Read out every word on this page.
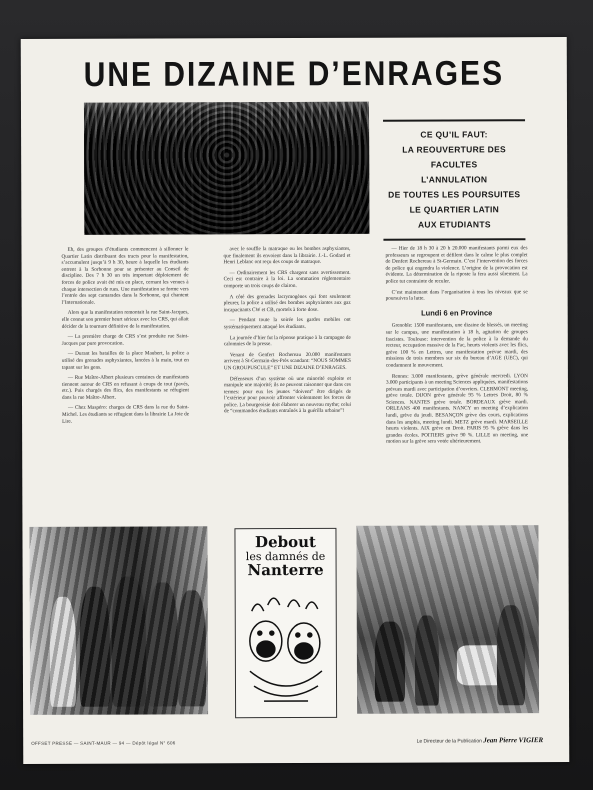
UNE DIZAINE D’ENRAGES
CE QU’IL FAUT:
LA REOUVERTURE DES FACULTES
L’ANNULATION
DE TOUTES LES POURSUITES
LE QUARTIER LATIN
AUX ETUDIANTS

Eh, des groupes d’étudiants commencent à sillonner le Quartier Latin distribuant des tracts pour la manifestation, s’accumulent jusqu’à 9 h 30, heure à laquelle les étudiants entrent à la Sorbonne pour se présenter au Conseil de discipline. Des 7 h 30 un très important déploiement de forces de police avait été mis en place, cernant les venues à chaque intersection de rues. Une manifestation se forme vers l’entrée des sept camarades dans la Sorbonne, qui chantent l’Internationale.

Alors que la manifestation remontait la rue Saint-Jacques, elle connut son premier heurt sérieux avec les CRS, qui allait décider de la tournure définitive de la manifestation.

— La première charge de CRS s’est produite rue Saint-Jacques par pure provocation.

— Durant les batailles de la place Maubert, la police a utilisé des grenades asphyxiantes, lancées à la main, tout en tapant sur les gens.

— Rue Maître-Albert plusieurs centaines de manifestants tiennent autour de CRS en refusant à coups de tout (pavés, etc.). Puis chargés des flics, des manifestants se réfugient dans la rue Maître-Albert.

— Chez Maspéro: charges de CRS dans la rue du Saint-Michel. Les étudiants se réfugient dans la librairie La Joie de Lire.

avec le souffle la matraque ou les bombes asphyxiantes, que finalement ils envoient dans la librairie. J.-L. Godard et Henri Leblanc ont reçu des coups de matraque.

— Ordinairement les CRS chargent sans avertissement. Ceci est contraire à la loi. La sommation réglementaire comporte un trois coups de clairon.

A côté des grenades lacrymogènes qui font seulement pleurer, la police a utilisé des bombes asphyxiantes aux gaz incapacitants CW et CB, mortels à forte dose.

— Pendant toute la soirée les gardes mobiles ont systématiquement attaqué les étudiants.

La journée d’hier fut la réponse pratique à la campagne de calomnies de la presse.

Venant de Genfert Rochereau 20.000 manifestants arrivent à St-Germain-des-Près scandant: “NOUS SOMMES UN GROUPUSCULE” ET UNE DIZAINE D’ENRAGES.

Défenseurs d’un système où une minorité exploite et manipule une majorité; ils ne peuvent raisonner que dans ces termes: pour eux les jeunes “doivent” être dirigés de l’extérieur pour pouvoir affronter violemment les forces de police. La bourgeoisie doit élaborer un nouveau mythe; celui de “commandos étudiants entraînés à la guérilla urbaine”!

— Hier de 18 h 30 à 20 h 20.000 manifestants parmi eux des professeurs se regroupent et défilent dans le calme le plus complet de Denfert Rochereau à St-Germain. C’est l’intervention des forces de police qui engendra la violence. L’origine de la provocation est évidente. La détermination de la riposte la fera aussi sûrement. La police tut contrainte de reculer.

C’est maintenant dans l’organisation à tous les niveaux que se poursuivra la lutte.

Lundi 6 en Province

Grenoble: 1500 manifestants, une dizaine de blessés, un meeting sur le campus, une manifestation à 18 h, agitation de groupes fascistes. Toulouse: intervention de la police à la demande du recteur, occupation massive de la Fac, heurts violents avec les flics, grève 100 % en Lettres, une manifestation prévue mardi, des missions de trois membres sur six du bureau d’AGE (UEC), qui condamnent le mouvement.

Rennes: 3.000 manifestants, grève générale mercredi. LYON 3.000 participants à un meeting Sciences appliquées, manifestations prévues mardi avec participation d’ouvriers. CLERMONT meeting, grève totale. DIJON grève générale 95 % Lettres Droit, 80 % Sciences. NANTES grève totale. BORDEAUX grève mardi. ORLEANS 400 manifestants. NANCY un meeting d’explication lundi, grève du jeudi. BESANÇON grève des cours, explications dans les amphis, meeting lundi. METZ grève mardi. MARSEILLE heurts violents. AIX grève en Droit. PARIS 95 % grève dans les grandes écoles. POITIERS grève 90 %. LILLE un meeting, une motion sur la grève sera votée ultérieurement.

Debout
les damnés de
Nanterre
OFFSET PRESSE — SAINT-MAUR — 94 — Dépôt légal N° 606	Le Directeur de la Publication Jean Pierre VIGIER
